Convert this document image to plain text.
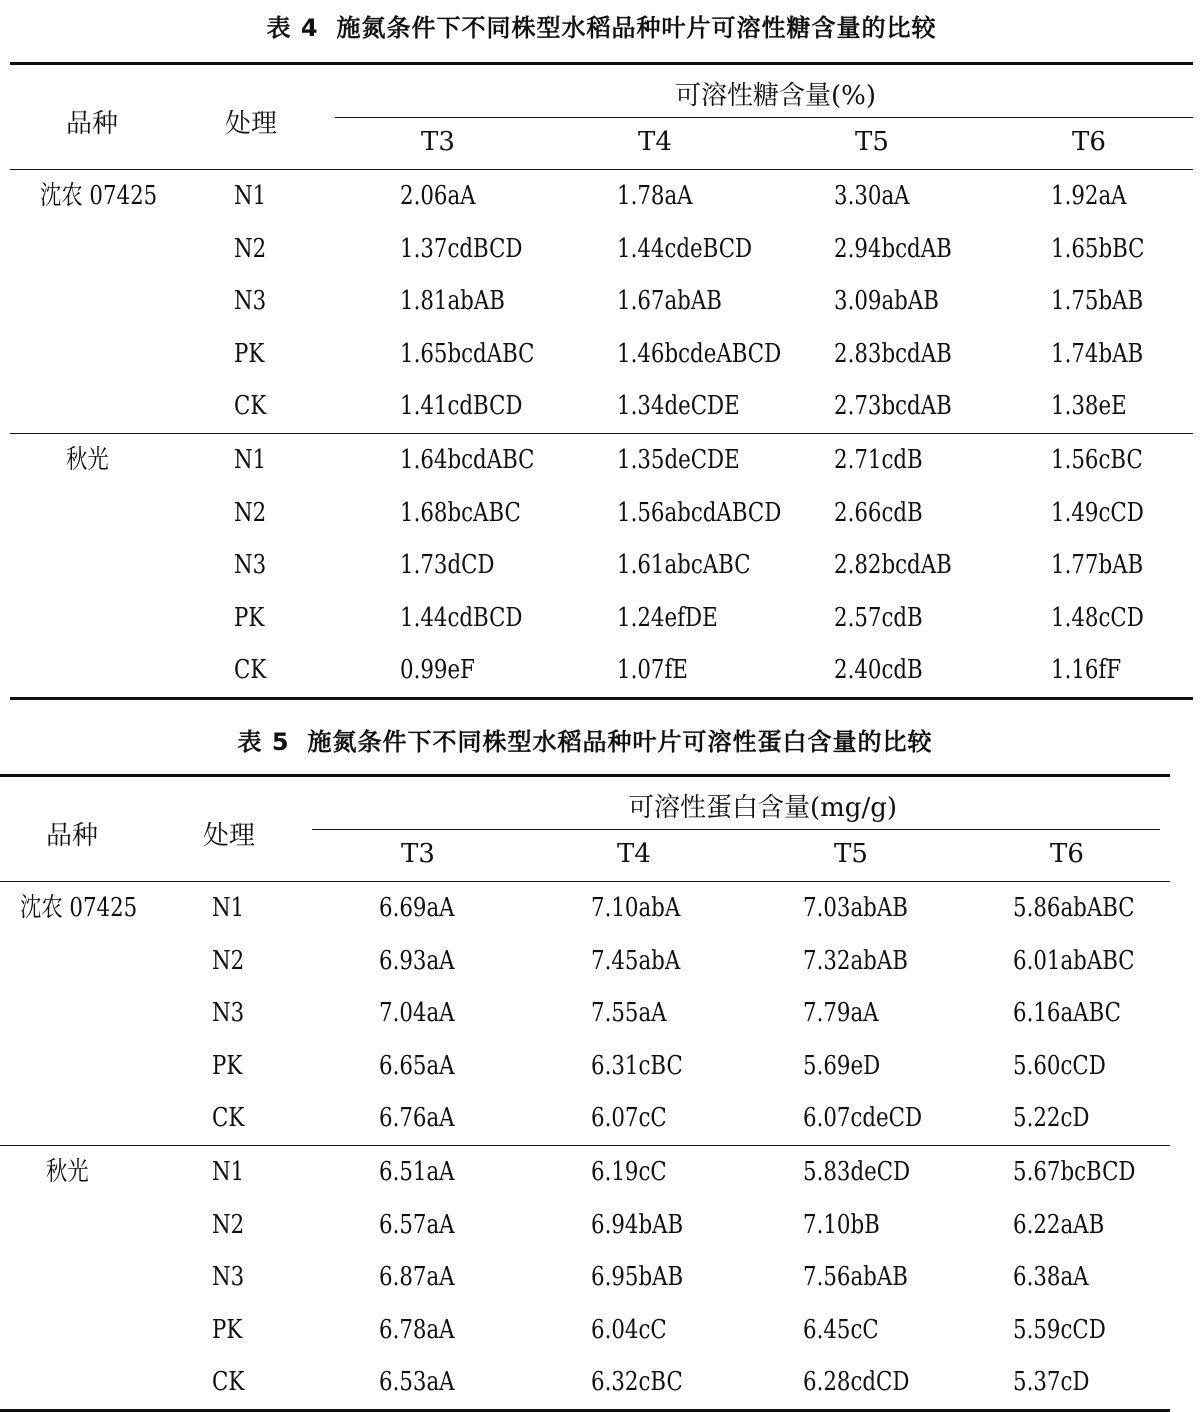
表 4 施氮条件下不同株型水稻品种叶片可溶性糖含量的比较
品种	处理
可溶性糖含量(%)
T3	T4	T5	T6
沈农 07425	N1	2.06aA	1.78aA	3.30aA	1.92aA
N2	1.37cdBCD	1.44cdeBCD	2.94bcdAB	1.65bBC
N3	1.81abAB	1.67abAB	3.09abAB	1.75bAB
PK	1.65bcdABC	1.46bcdeABCD 2.83bcdAB	1.74bAB
CK	1.41cdBCD	1.34deCDE	2.73bcdAB	1.38eE
秋光	N1	1.64bcdABC	1.35deCDE	2.71cdB	1.56cBC
N2	1.68bcABC	1.56abcdABCD 2.66cdB	1.49cCD
N3	1.73dCD	1.61abcABC	2.82bcdAB	1.77bAB
PK	1.44cdBCD	1.24efDE	2.57cdB	1.48cCD
CK	0.99eF	1.07fE	2.40cdB	1.16fF
表 5 施氮条件下不同株型水稻品种叶片可溶性蛋白含量的比较
品种	处理
可溶性蛋白含量(mg/g)
T3	T4	T5	T6
沈农 07425	N1	6.69aA	7.10abA	7.03abAB	5.86abABC
N2	6.93aA	7.45abA	7.32abAB	6.01abABC
N3	7.04aA	7.55aA	7.79aA	6.16aABC
PK	6.65aA	6.31cBC	5.69eD	5.60cCD
CK	6.76aA	6.07cC	6.07cdeCD	5.22cD
秋光	N1	6.51aA	6.19cC	5.83deCD	5.67bcBCD
N2	6.57aA	6.94bAB	7.10bB	6.22aAB
N3	6.87aA	6.95bAB	7.56abAB	6.38aA
PK	6.78aA	6.04cC	6.45cC	5.59cCD
CK	6.53aA	6.32cBC	6.28cdCD	5.37cD
